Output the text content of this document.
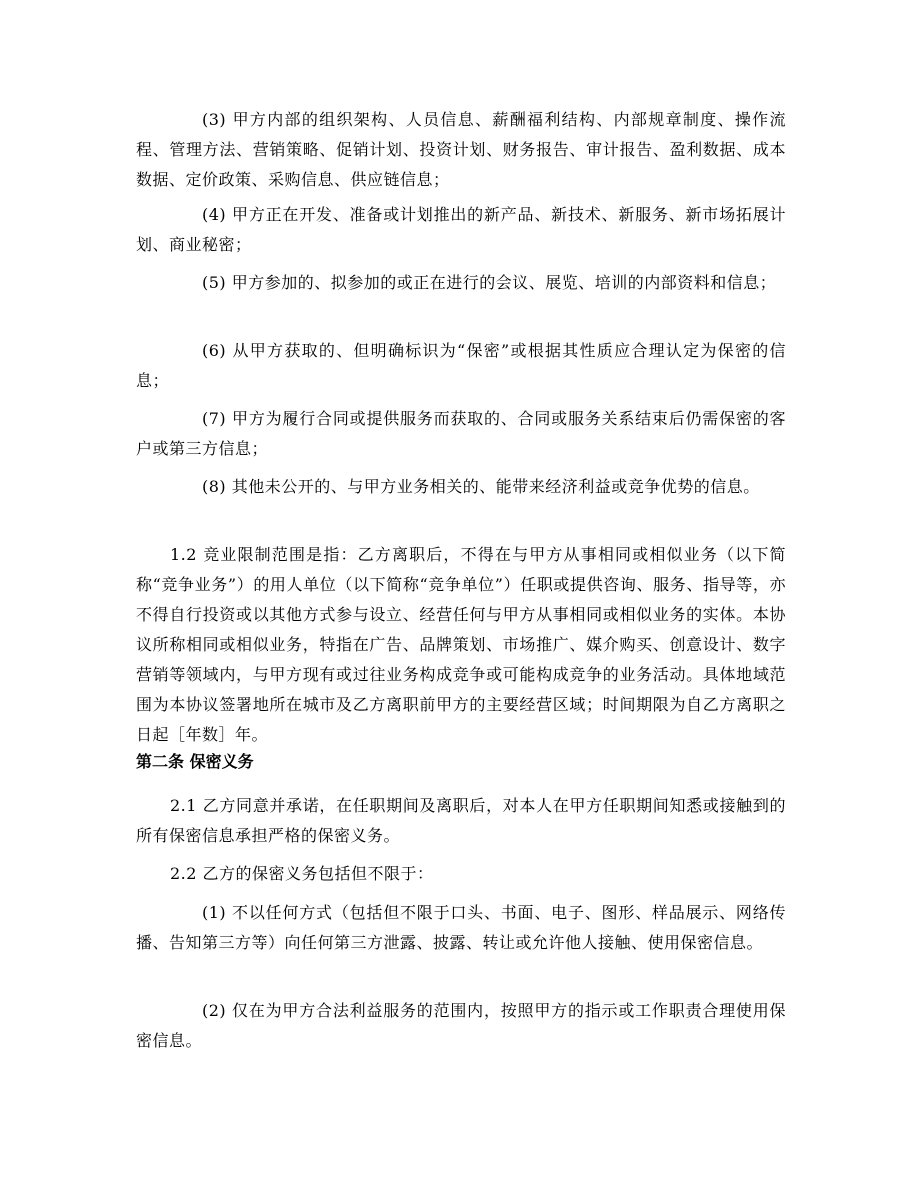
(3) 甲方内部的组织架构、人员信息、薪酬福利结构、内部规章制度、操作流程、管理方法、营销策略、促销计划、投资计划、财务报告、审计报告、盈利数据、成本数据、定价政策、采购信息、供应链信息；

(4) 甲方正在开发、准备或计划推出的新产品、新技术、新服务、新市场拓展计划、商业秘密；

(5) 甲方参加的、拟参加的或正在进行的会议、展览、培训的内部资料和信息；

(6) 从甲方获取的、但明确标识为“保密”或根据其性质应合理认定为保密的信息；

(7) 甲方为履行合同或提供服务而获取的、合同或服务关系结束后仍需保密的客户或第三方信息；

(8) 其他未公开的、与甲方业务相关的、能带来经济利益或竞争优势的信息。

1.2 竞业限制范围是指：乙方离职后，不得在与甲方从事相同或相似业务（以下简称“竞争业务”）的用人单位（以下简称“竞争单位”）任职或提供咨询、服务、指导等，亦不得自行投资或以其他方式参与设立、经营任何与甲方从事相同或相似业务的实体。本协议所称相同或相似业务，特指在广告、品牌策划、市场推广、媒介购买、创意设计、数字营销等领域内，与甲方现有或过往业务构成竞争或可能构成竞争的业务活动。具体地域范围为本协议签署地所在城市及乙方离职前甲方的主要经营区域；时间期限为自乙方离职之日起［年数］年。

第二条 保密义务

2.1 乙方同意并承诺，在任职期间及离职后，对本人在甲方任职期间知悉或接触到的所有保密信息承担严格的保密义务。

2.2 乙方的保密义务包括但不限于：

(1) 不以任何方式（包括但不限于口头、书面、电子、图形、样品展示、网络传播、告知第三方等）向任何第三方泄露、披露、转让或允许他人接触、使用保密信息。

(2) 仅在为甲方合法利益服务的范围内，按照甲方的指示或工作职责合理使用保密信息。
